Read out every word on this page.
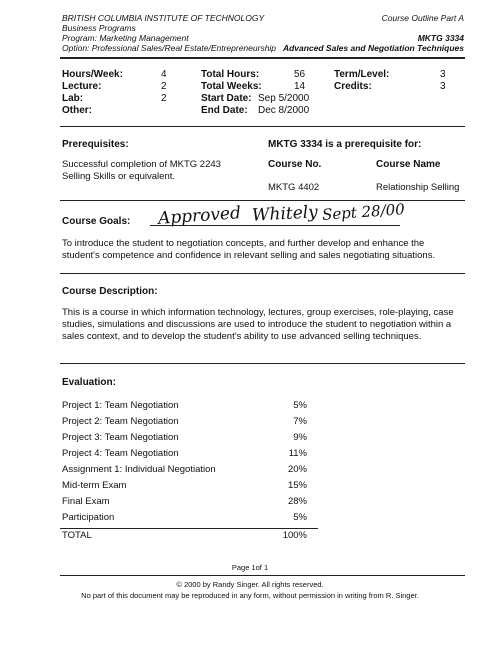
BRITISH COLUMBIA INSTITUTE OF TECHNOLOGY
Business Programs
Program: Marketing Management
Option: Professional Sales/Real Estate/Entrepreneurship
Course Outline Part A
MKTG 3334
Advanced Sales and Negotiation Techniques
Hours/Week:	4
Lecture:	2
Lab:	2
Other:
Total Hours:	56
Total Weeks:	14
Start Date: Sep 5/2000
End Date: Dec 8/2000
Term/Level:	3
Credits:	3
Prerequisites:
Successful completion of MKTG 2243 Selling Skills or equivalent.
MKTG 3334 is a prerequisite for:
Course No.	Course Name
MKTG 4402	Relationship Selling
Course Goals: Approved Whitely Sept 28/00
To introduce the student to negotiation concepts, and further develop and enhance the student's competence and confidence in relevant selling and sales negotiating situations.
Course Description:
This is a course in which information technology, lectures, group exercises, role-playing, case studies, simulations and discussions are used to introduce the student to negotiation within a sales context, and to develop the student's ability to use advanced selling techniques.
Evaluation:
Project 1: Team Negotiation	5%
Project 2: Team Negotiation	7%
Project 3: Team Negotiation	9%
Project 4: Team Negotiation	11%
Assignment 1: Individual Negotiation	20%
Mid-term Exam	15%
Final Exam	28%
Participation	5%
TOTAL	100%
Page 1of 1
© 2000 by Randy Singer. All rights reserved.
No part of this document may be reproduced in any form, without permission in writing from R. Singer.
